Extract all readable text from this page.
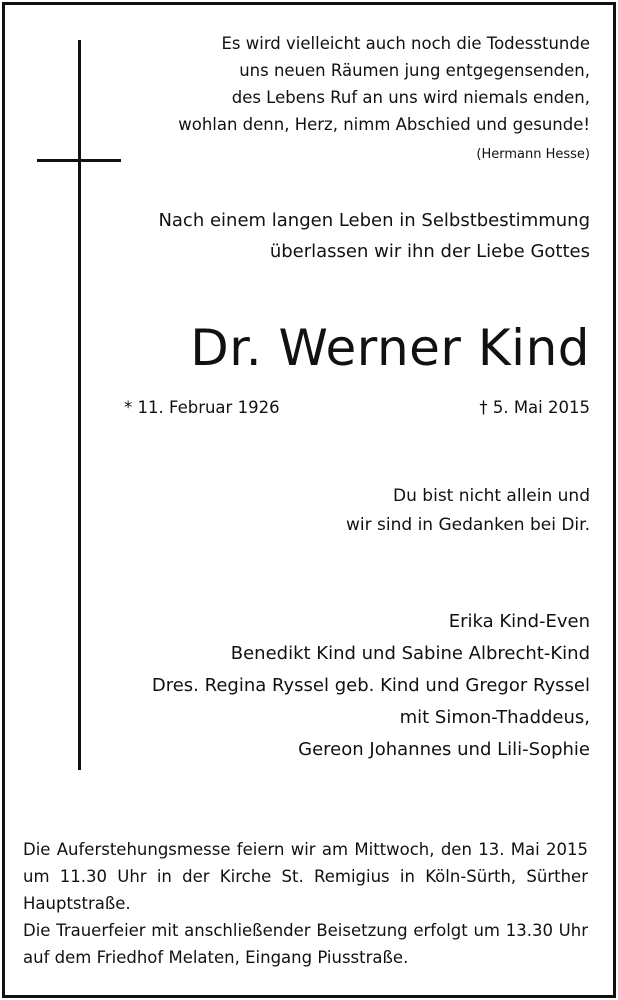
Es wird vielleicht auch noch die Todesstunde
uns neuen Räumen jung entgegensenden,
des Lebens Ruf an uns wird niemals enden,
wohlan denn, Herz, nimm Abschied und gesunde!
(Hermann Hesse)
Nach einem langen Leben in Selbstbestimmung
überlassen wir ihn der Liebe Gottes
Dr. Werner Kind
* 11. Februar 1926	† 5. Mai 2015
Du bist nicht allein und
wir sind in Gedanken bei Dir.
Erika Kind-Even
Benedikt Kind und Sabine Albrecht-Kind
Dres. Regina Ryssel geb. Kind und Gregor Ryssel
mit Simon-Thaddeus,
Gereon Johannes und Lili-Sophie
Die Auferstehungsmesse feiern wir am Mittwoch, den 13. Mai 2015 um 11.30 Uhr in der Kirche St. Remigius in Köln-Sürth, Sürther Hauptstraße.
Die Trauerfeier mit anschließender Beisetzung erfolgt um 13.30 Uhr auf dem Friedhof Melaten, Eingang Piusstraße.
